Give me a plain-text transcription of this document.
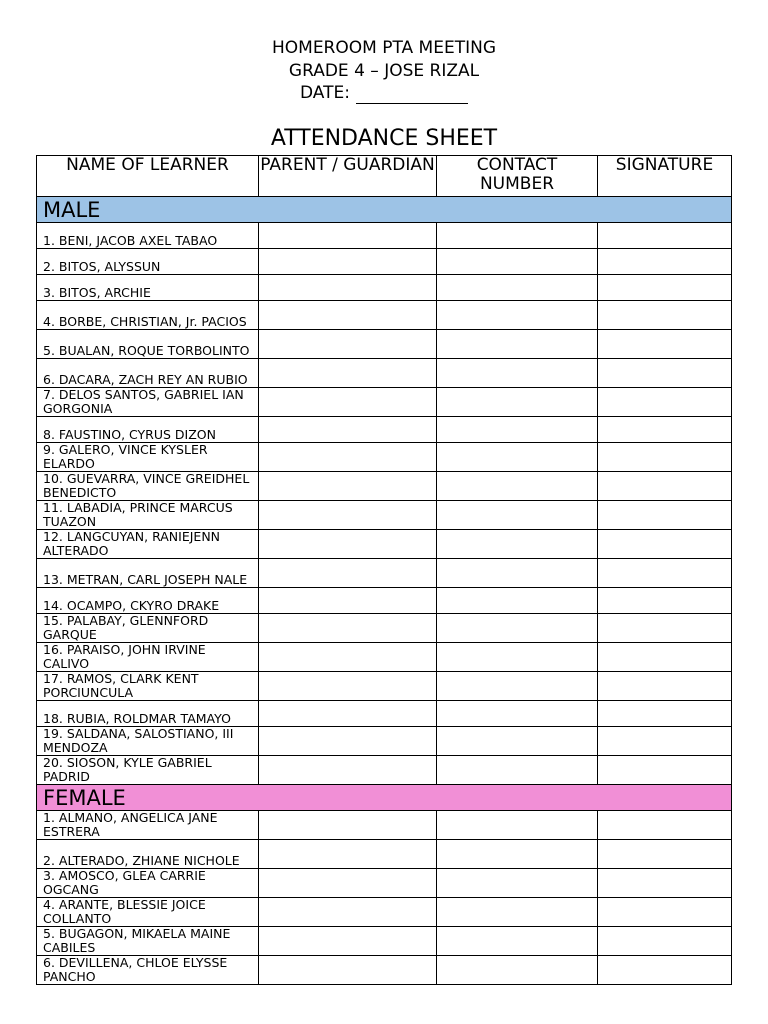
HOMEROOM PTA MEETING
GRADE 4 – JOSE RIZAL
DATE:
ATTENDANCE SHEET
NAME OF LEARNER	PARENT / GUARDIAN	CONTACT NUMBER	SIGNATURE
MALE			
1. BENI, JACOB AXEL TABAO			
2. BITOS, ALYSSUN			
3. BITOS, ARCHIE			
4. BORBE, CHRISTIAN, Jr. PACIOS			
5. BUALAN, ROQUE TORBOLINTO			
6. DACARA, ZACH REY AN RUBIO			
7. DELOS SANTOS, GABRIEL IAN GORGONIA			
8. FAUSTINO, CYRUS DIZON			
9. GALERO, VINCE KYSLER ELARDO			
10. GUEVARRA, VINCE GREIDHEL BENEDICTO			
11. LABADIA, PRINCE MARCUS TUAZON			
12. LANGCUYAN, RANIEJENN ALTERADO			
13. METRAN, CARL JOSEPH NALE			
14. OCAMPO, CKYRO DRAKE			
15. PALABAY, GLENNFORD GARQUE			
16. PARAISO, JOHN IRVINE CALIVO			
17. RAMOS, CLARK KENT PORCIUNCULA			
18. RUBIA, ROLDMAR TAMAYO			
19. SALDANA, SALOSTIANO, III MENDOZA			
20. SIOSON, KYLE GABRIEL PADRID			
FEMALE			
1. ALMANO, ANGELICA JANE ESTRERA			
2. ALTERADO, ZHIANE NICHOLE			
3. AMOSCO, GLEA CARRIE OGCANG			
4. ARANTE, BLESSIE JOICE COLLANTO			
5. BUGAGON, MIKAELA MAINE CABILES			
6. DEVILLENA, CHLOE ELYSSE PANCHO			
